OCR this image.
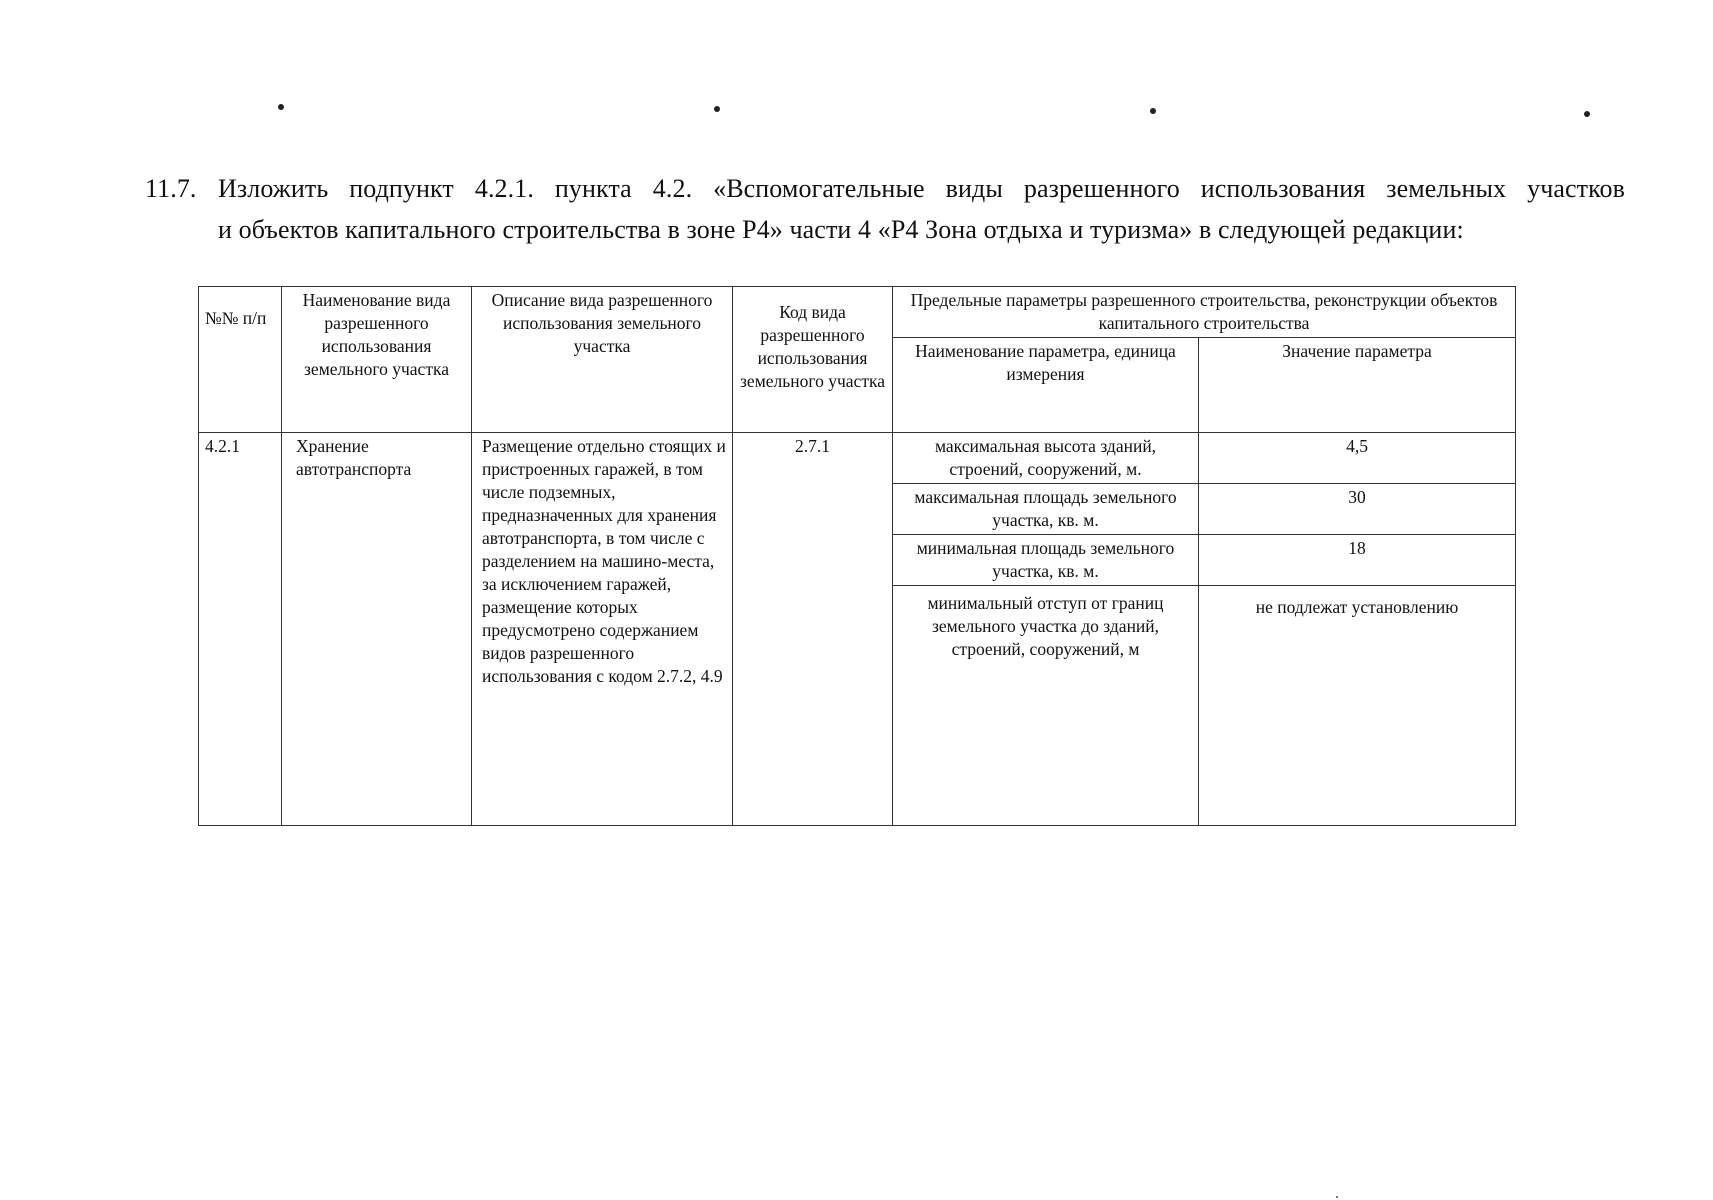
11.7. Изложить подпункт 4.2.1. пункта 4.2. «Вспомогательные виды разрешенного использования земельных участков
и объектов капитального строительства в зоне Р4» части 4 «Р4 Зона отдыха и туризма» в следующей редакции:
№№ п/п	Наименование вида разрешенного использования земельного участка	Описание вида разрешенного использования земельного участка	Код вида разрешенного использования земельного участка	Предельные параметры разрешенного строительства, реконструкции объектов капитального строительства	
				Наименование параметра, единица измерения	Значение параметра
4.2.1	Хранение автотранспорта	Размещение отдельно стоящих и пристроенных гаражей, в том числе подземных, предназначенных для хранения автотранспорта, в том числе с разделением на машино-места, за исключением гаражей, размещение которых предусмотрено содержанием видов разрешенного использования с кодом 2.7.2, 4.9	2.7.1	максимальная высота зданий, строений, сооружений, м.	4,5
				максимальная площадь земельного участка, кв. м.	30
				минимальная площадь земельного участка, кв. м.	18
				минимальный отступ от границ земельного участка до зданий, строений, сооружений, м	не подлежат установлению
